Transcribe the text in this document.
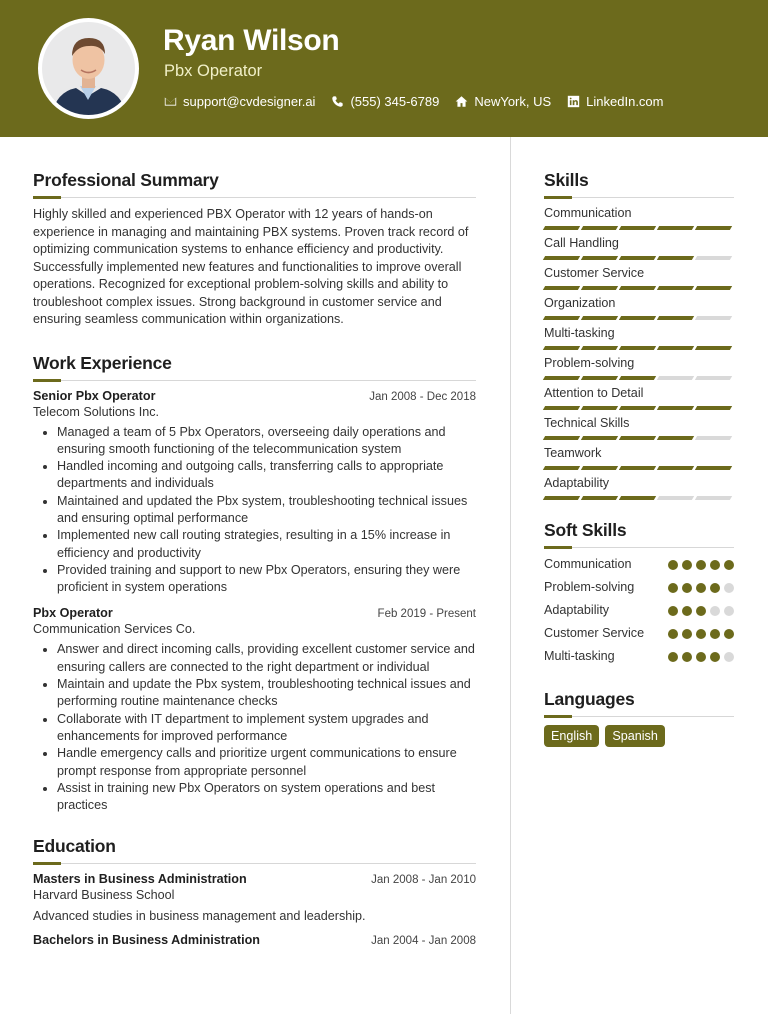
Ryan Wilson
Pbx Operator
support@cvdesigner.ai	(555) 345-6789	NewYork, US	LinkedIn.com
Professional Summary

Highly skilled and experienced PBX Operator with 12 years of hands-on experience in managing and maintaining PBX systems. Proven track record of optimizing communication systems to enhance efficiency and productivity. Successfully implemented new features and functionalities to improve overall operations. Recognized for exceptional problem-solving skills and ability to troubleshoot complex issues. Strong background in customer service and ensuring seamless communication within organizations.

Work Experience
Senior Pbx Operator	Jan 2008 - Dec 2018
Telecom Solutions Inc.
Managed a team of 5 Pbx Operators, overseeing daily operations and ensuring smooth functioning of the telecommunication system
Handled incoming and outgoing calls, transferring calls to appropriate departments and individuals
Maintained and updated the Pbx system, troubleshooting technical issues and ensuring optimal performance
Implemented new call routing strategies, resulting in a 15% increase in efficiency and productivity
Provided training and support to new Pbx Operators, ensuring they were proficient in system operations
Pbx Operator	Feb 2019 - Present
Communication Services Co.
Answer and direct incoming calls, providing excellent customer service and ensuring callers are connected to the right department or individual
Maintain and update the Pbx system, troubleshooting technical issues and performing routine maintenance checks
Collaborate with IT department to implement system upgrades and enhancements for improved performance
Handle emergency calls and prioritize urgent communications to ensure prompt response from appropriate personnel
Assist in training new Pbx Operators on system operations and best practices
Education
Masters in Business Administration	Jan 2008 - Jan 2010
Harvard Business School
Advanced studies in business management and leadership.
Bachelors in Business Administration	Jan 2004 - Jan 2008
Skills
Communication
Call Handling
Customer Service
Organization
Multi-tasking
Problem-solving
Attention to Detail
Technical Skills
Teamwork
Adaptability
Soft Skills
Communication
Problem-solving
Adaptability
Customer Service
Multi-tasking
Languages
English	Spanish
